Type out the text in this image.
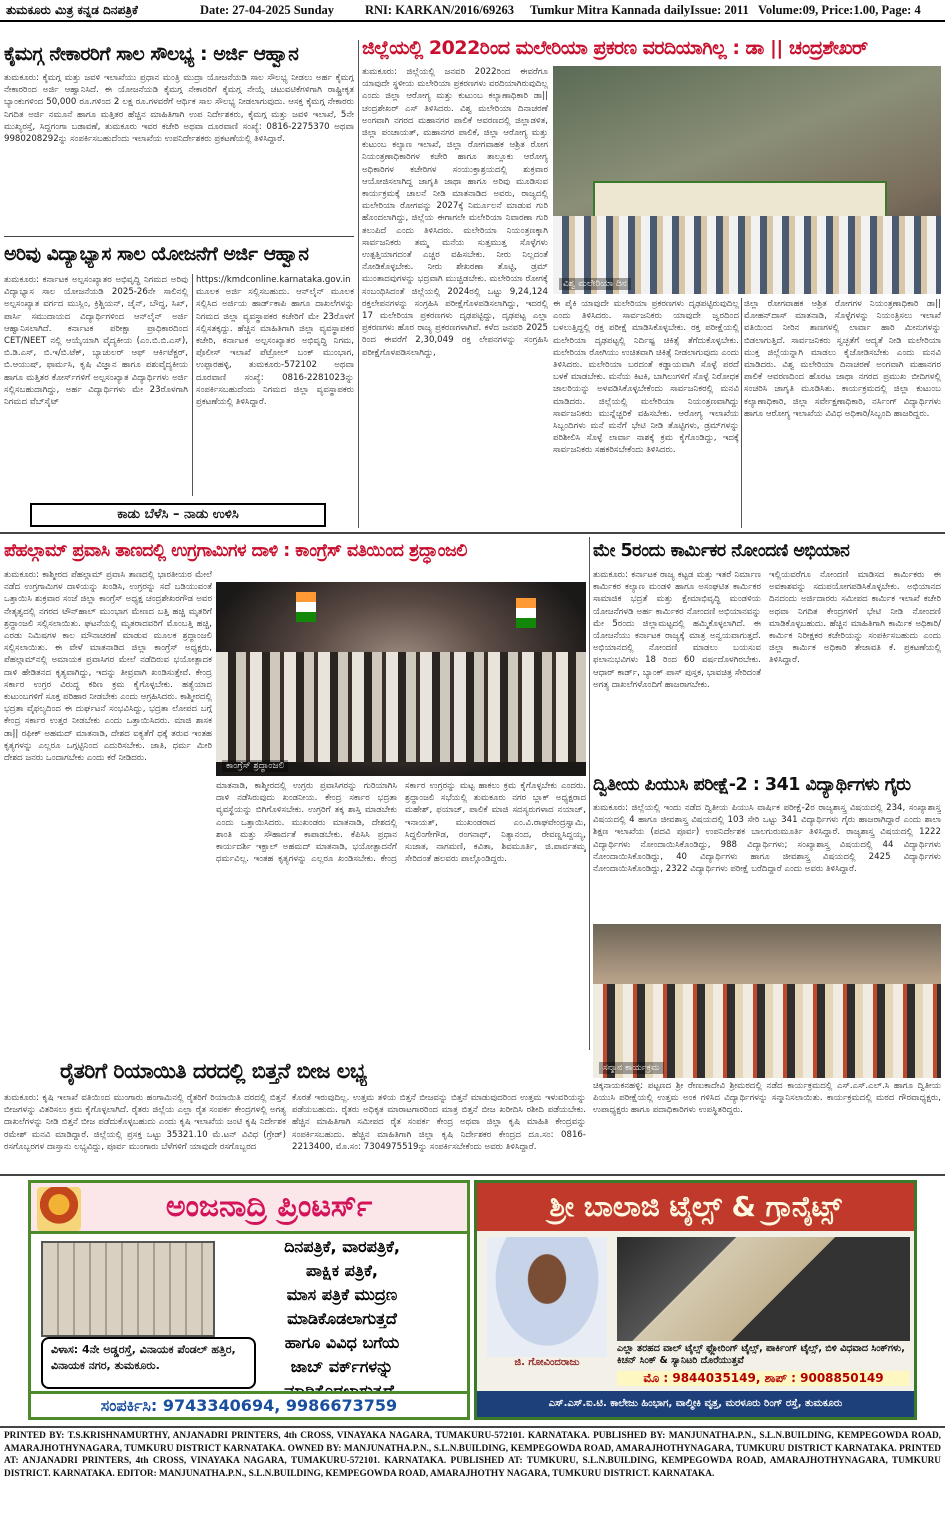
ತುಮಕೂರು ಮಿತ್ರ ಕನ್ನಡ ದಿನಪತ್ರಿಕೆ	Date: 27-04-2025 Sunday RNI: KARKAN/2016/69263 Tumkur Mitra Kannada daily Issue: 2011 Volume:09, Price:1.00, Page: 4
ಕೈಮಗ್ಗ ನೇಕಾರರಿಗೆ ಸಾಲ ಸೌಲಭ್ಯ : ಅರ್ಜಿ ಆಹ್ವಾನ
ತುಮಕೂರು: ಕೈಮಗ್ಗ ಮತ್ತು ಜವಳಿ ಇಲಾಖೆಯು ಪ್ರಧಾನ ಮಂತ್ರಿ ಮುದ್ರಾ ಯೋಜನೆಯಡಿ ಸಾಲ ಸೌಲಭ್ಯ ನೀಡಲು ಅರ್ಹ ಕೈಮಗ್ಗ ನೇಕಾರರಿಂದ ಅರ್ಜಿ ಆಹ್ವಾನಿಸಿದೆ. ಈ ಯೋಜನೆಯಡಿ ಕೈಮಗ್ಗ ನೇಕಾರರಿಗೆ ಕೈಮಗ್ಗ ನೇಯ್ಗೆ ಚಟುವಟಿಕೆಗಳಿಗಾಗಿ ರಾಷ್ಟ್ರೀಕೃತ ಬ್ಯಾಂಕುಗಳಿಂದ 50,000 ರೂ.ಗಳಿಂದ 2 ಲಕ್ಷ ರೂ.ಗಳವರೆಗೆ ಆರ್ಥಿಕ ಸಾಲ ಸೌಲಭ್ಯ ನೀಡಲಾಗುವುದು. ಆಸಕ್ತ ಕೈಮಗ್ಗ ನೇಕಾರರು ನಿಗದಿತ ಅರ್ಜಿ ನಮೂನೆ ಹಾಗೂ ಮತ್ತಿತರ ಹೆಚ್ಚಿನ ಮಾಹಿತಿಗಾಗಿ ಉಪ ನಿರ್ದೇಶಕರು, ಕೈಮಗ್ಗ ಮತ್ತು ಜವಳಿ ಇಲಾಖೆ, 5ನೇ ಮುಖ್ಯರಸ್ತೆ, ಸಿದ್ದಗಂಗಾ ಬಡಾವಣೆ, ತುಮಕೂರು ಇವರ ಕಚೇರಿ ಅಥವಾ ದೂರವಾಣಿ ಸಂಖ್ಯೆ: 0816-2275370 ಅಥವಾ 9980208292ನ್ನು ಸಂಪರ್ಕಿಸಬಹುದೆಂದು ಇಲಾಖೆಯ ಉಪನಿರ್ದೇಶಕರು ಪ್ರಕಟಣೆಯಲ್ಲಿ ತಿಳಿಸಿದ್ದಾರೆ.
ಅರಿವು ವಿದ್ಯಾಭ್ಯಾಸ ಸಾಲ ಯೋಜನೆಗೆ ಅರ್ಜಿ ಆಹ್ವಾನ
ತುಮಕೂರು: ಕರ್ನಾಟಕ ಅಲ್ಪಸಂಖ್ಯಾತರ ಅಭಿವೃದ್ಧಿ ನಿಗಮದ ಅರಿವು ವಿದ್ಯಾಭ್ಯಾಸ ಸಾಲ ಯೋಜನೆಯಡಿ 2025-26ನೇ ಸಾಲಿನಲ್ಲಿ ಅಲ್ಪಸಂಖ್ಯಾತ ವರ್ಗದ ಮುಸ್ಲಿಂ, ಕ್ರಿಶ್ಚಿಯನ್, ಜೈನ್, ಬೌದ್ಧ, ಸಿಖ್, ಪಾರ್ಸಿ ಸಮುದಾಯದ ವಿದ್ಯಾರ್ಥಿಗಳಿಂದ ಆನ್‌ಲೈನ್ ಅರ್ಜಿ ಆಹ್ವಾನಿಸಲಾಗಿದೆ. ಕರ್ನಾಟಕ ಪರೀಕ್ಷಾ ಪ್ರಾಧಿಕಾರದಿಂದ CET/NEET ನಲ್ಲಿ ಆಯ್ಕೆಯಾಗಿ ವೈದ್ಯಕೀಯ (ಎಂ.ಬಿ.ಬಿ.ಎಸ್), ಬಿ.ಡಿ.ಎಸ್, ಬಿ.ಇ/ಬಿ.ಟೆಕ್, ಬ್ಯಾಚುಲರ್ ಆಫ್ ಆರ್ಕಿಟೆಕ್ಚರ್, ಬಿ.ಆಯುಷ್, ಫಾರ್ಮಸಿ, ಕೃಷಿ ವಿಜ್ಞಾನ ಹಾಗೂ ಪಶುವೈದ್ಯಕೀಯ ಹಾಗೂ ಮತ್ತಿತರ ಕೋರ್ಸ್‌ಗಳಿಗೆ ಅಲ್ಪಸಂಖ್ಯಾತ ವಿದ್ಯಾರ್ಥಿಗಳು ಅರ್ಜಿ ಸಲ್ಲಿಸಬಹುದಾಗಿದ್ದು, ಅರ್ಹ ವಿದ್ಯಾರ್ಥಿಗಳು ಮೇ 23ರೊಳಗಾಗಿ ನಿಗಮದ ವೆಬ್‌ಸೈಟ್
https://kmdconline.karnataka.gov.in ಮೂಲಕ ಅರ್ಜಿ ಸಲ್ಲಿಸಬಹುದು. ಆನ್‌ಲೈನ್ ಮೂಲಕ ಸಲ್ಲಿಸಿದ ಅರ್ಜಿಯ ಹಾರ್ಡ್‌ಕಾಪಿ ಹಾಗೂ ದಾಖಲೆಗಳನ್ನು ನಿಗಮದ ಜಿಲ್ಲಾ ವ್ಯವಸ್ಥಾಪಕರ ಕಚೇರಿಗೆ ಮೇ 23ರೊಳಗೆ ಸಲ್ಲಿಸತಕ್ಕದ್ದು. ಹೆಚ್ಚಿನ ಮಾಹಿತಿಗಾಗಿ ಜಿಲ್ಲಾ ವ್ಯವಸ್ಥಾಪಕರ ಕಚೇರಿ, ಕರ್ನಾಟಕ ಅಲ್ಪಸಂಖ್ಯಾತರ ಅಭಿವೃದ್ಧಿ ನಿಗಮ, ಪೊಲೀಸ್ ಇಲಾಖೆ ಪೆಟ್ರೋಲ್ ಬಂಕ್ ಮುಂಭಾಗ, ಉಪ್ಪಾರಹಳ್ಳಿ, ತುಮಕೂರು-572102 ಅಥವಾ ದೂರವಾಣಿ ಸಂಖ್ಯೆ: 0816-2281023ನ್ನು ಸಂಪರ್ಕಿಸಬಹುದೆಂದು ನಿಗಮದ ಜಿಲ್ಲಾ ವ್ಯವಸ್ಥಾಪಕರು ಪ್ರಕಟಣೆಯಲ್ಲಿ ತಿಳಿಸಿದ್ದಾರೆ.
ಕಾಡು ಬೆಳೆಸಿ – ನಾಡು ಉಳಿಸಿ
ಜಿಲ್ಲೆಯಲ್ಲಿ 2022ರಿಂದ ಮಲೇರಿಯಾ ಪ್ರಕರಣ ವರದಿಯಾಗಿಲ್ಲ : ಡಾ || ಚಂದ್ರಶೇಖರ್
ತುಮಕೂರು: ಜಿಲ್ಲೆಯಲ್ಲಿ ಜನವರಿ 2022ರಿಂದ ಈವರೆಗೂ ಯಾವುದೇ ಸ್ಥಳೀಯ ಮಲೇರಿಯಾ ಪ್ರಕರಣಗಳು ವರದಿಯಾಗಿರುವುದಿಲ್ಲ ಎಂದು ಜಿಲ್ಲಾ ಆರೋಗ್ಯ ಮತ್ತು ಕುಟುಂಬ ಕಲ್ಯಾಣಾಧಿಕಾರಿ ಡಾ|| ಚಂದ್ರಶೇಖರ್ ಎಸ್ ತಿಳಿಸಿದರು. ವಿಶ್ವ ಮಲೇರಿಯಾ ದಿನಾಚರಣೆ ಅಂಗವಾಗಿ ನಗರದ ಮಹಾನಗರ ಪಾಲಿಕೆ ಆವರಣದಲ್ಲಿ ಜಿಲ್ಲಾಡಳಿತ, ಜಿಲ್ಲಾ ಪಂಚಾಯತ್, ಮಹಾನಗರ ಪಾಲಿಕೆ, ಜಿಲ್ಲಾ ಆರೋಗ್ಯ ಮತ್ತು ಕುಟುಂಬ ಕಲ್ಯಾಣ ಇಲಾಖೆ, ಜಿಲ್ಲಾ ರೋಗವಾಹಕ ಆಶ್ರಿತ ರೋಗ ನಿಯಂತ್ರಣಾಧಿಕಾರಿಗಳ ಕಚೇರಿ ಹಾಗೂ ತಾಲ್ಲೂಕು ಆರೋಗ್ಯ ಅಧಿಕಾರಿಗಳ ಕಚೇರಿಗಳ ಸಂಯುಕ್ತಾಶ್ರಯದಲ್ಲಿ ಶುಕ್ರವಾರ ಆಯೋಜಿಸಲಾಗಿದ್ದ ಜಾಗೃತಿ ಜಾಥಾ ಹಾಗೂ ಅರಿವು ಮೂಡಿಸುವ ಕಾರ್ಯಕ್ರಮಕ್ಕೆ ಚಾಲನೆ ನೀಡಿ ಮಾತನಾಡಿದ ಅವರು, ರಾಜ್ಯದಲ್ಲಿ ಮಲೇರಿಯಾ ರೋಗವನ್ನು 2027ಕ್ಕೆ ನಿರ್ಮೂಲನೆ ಮಾಡುವ ಗುರಿ ಹೊಂದಲಾಗಿದ್ದು, ಜಿಲ್ಲೆಯ ಈಗಾಗಲೇ ಮಲೇರಿಯಾ ನಿವಾರಣಾ ಗುರಿ ತಲುಪಿದೆ ಎಂದು ತಿಳಿಸಿದರು. ಮಲೇರಿಯಾ ನಿಯಂತ್ರಣಕ್ಕಾಗಿ ಸಾರ್ವಜನಿಕರು ತಮ್ಮ ಮನೆಯ ಸುತ್ತಮುತ್ತ ಸೊಳ್ಳೆಗಳು ಉತ್ಪತ್ತಿಯಾಗದಂತೆ ಎಚ್ಚರ ವಹಿಸಬೇಕು. ನೀರು ನಿಲ್ಲದಂತೆ ನೋಡಿಕೊಳ್ಳಬೇಕು. ನೀರು ಶೇಖರಣಾ ತೊಟ್ಟಿ, ಡ್ರಮ್ ಮುಂತಾದವುಗಳನ್ನು ಭದ್ರವಾಗಿ ಮುಚ್ಚಿಡಬೇಕು. ಮಲೇರಿಯಾ ರೋಗಕ್ಕೆ ಸಂಬಂಧಿಸಿದಂತೆ ಜಿಲ್ಲೆಯಲ್ಲಿ 2024ರಲ್ಲಿ ಒಟ್ಟು 9,24,124 ರಕ್ತಲೇಪನಗಳನ್ನು ಸಂಗ್ರಹಿಸಿ ಪರೀಕ್ಷೆಗೊಳಪಡಿಸಲಾಗಿದ್ದು, ಇದರಲ್ಲಿ 17 ಮಲೇರಿಯಾ ಪ್ರಕರಣಗಳು ದೃಢಪಟ್ಟಿದ್ದು, ದೃಢಪಟ್ಟ ಎಲ್ಲಾ ಪ್ರಕರಣಗಳು ಹೊರ ರಾಜ್ಯ ಪ್ರಕರಣಗಳಾಗಿವೆ. ಕಳೆದ ಜನವರಿ 2025 ರಿಂದ ಈವರೆಗೆ 2,30,049 ರಕ್ತ ಲೇಪನಗಳನ್ನು ಸಂಗ್ರಹಿಸಿ ಪರೀಕ್ಷೆಗೊಳಪಡಿಸಲಾಗಿದ್ದು,
ವಿಶ್ವ ಮಲೇರಿಯಾ ದಿನ
ಈ ಪೈಕಿ ಯಾವುದೇ ಮಲೇರಿಯಾ ಪ್ರಕರಣಗಳು ದೃಢಪಟ್ಟಿರುವುದಿಲ್ಲ ಎಂದು ತಿಳಿಸಿದರು. ಸಾರ್ವಜನಿಕರು ಯಾವುದೇ ಜ್ವರದಿಂದ ಬಳಲುತ್ತಿದ್ದಲ್ಲಿ ರಕ್ತ ಪರೀಕ್ಷೆ ಮಾಡಿಸಿಕೊಳ್ಳಬೇಕು. ರಕ್ತ ಪರೀಕ್ಷೆಯಲ್ಲಿ ಮಲೇರಿಯಾ ದೃಢಪಟ್ಟಲ್ಲಿ ನಿರ್ದಿಷ್ಟ ಚಿಕಿತ್ಸೆ ತೆಗೆದುಕೊಳ್ಳಬೇಕು. ಮಲೇರಿಯಾ ರೋಗಿಯು ಉಚಿತವಾಗಿ ಚಿಕಿತ್ಸೆ ನೀಡಲಾಗುವುದು ಎಂದು ತಿಳಿಸಿದರು. ಮಲೇರಿಯಾ ಬರದಂತೆ ಕಡ್ಡಾಯವಾಗಿ ಸೊಳ್ಳೆ ಪರದೆ ಬಳಕೆ ಮಾಡಬೇಕು. ಮನೆಯ ಕಿಟಕಿ, ಬಾಗಿಲುಗಳಿಗೆ ಸೊಳ್ಳೆ ನಿರೋಧಕ ಜಾಲರಿಯನ್ನು ಅಳವಡಿಸಿಕೊಳ್ಳಬೇಕೆಂದು ಸಾರ್ವಜನಿಕರಲ್ಲಿ ಮನವಿ ಮಾಡಿದರು. ಜಿಲ್ಲೆಯಲ್ಲಿ ಮಲೇರಿಯಾ ನಿಯಂತ್ರಣವಾಗಿದ್ದು ಸಾರ್ವಜನಿಕರು ಮುನ್ನೆಚ್ಚರಿಕೆ ವಹಿಸಬೇಕು. ಆರೋಗ್ಯ ಇಲಾಖೆಯ ಸಿಬ್ಬಂದಿಗಳು ಮನೆ ಮನೆಗೆ ಭೇಟಿ ನೀಡಿ ತೊಟ್ಟಿಗಳು, ಡ್ರಮ್‌ಗಳನ್ನು ಪರಿಶೀಲಿಸಿ ಸೊಳ್ಳೆ ಲಾರ್ವಾ ನಾಶಕ್ಕೆ ಕ್ರಮ ಕೈಗೊಂಡಿದ್ದು, ಇದಕ್ಕೆ ಸಾರ್ವಜನಿಕರು ಸಹಕರಿಸಬೇಕೆಂದು ತಿಳಿಸಿದರು.
ಜಿಲ್ಲಾ ರೋಗವಾಹಕ ಆಶ್ರಿತ ರೋಗಗಳ ನಿಯಂತ್ರಣಾಧಿಕಾರಿ ಡಾ|| ಮೋಹನ್‌ದಾಸ್ ಮಾತನಾಡಿ, ಸೊಳ್ಳೆಗಳನ್ನು ನಿಯಂತ್ರಿಸಲು ಇಲಾಖೆ ವತಿಯಿಂದ ನೀರಿನ ತಾಣಗಳಲ್ಲಿ ಲಾರ್ವಾ ಹಾರಿ ಮೀನುಗಳನ್ನು ಬಿಡಲಾಗುತ್ತಿದೆ. ಸಾರ್ವಜನಿಕರು ಸ್ವಚ್ಛತೆಗೆ ಆದ್ಯತೆ ನೀಡಿ ಮಲೇರಿಯಾ ಮುಕ್ತ ಜಿಲ್ಲೆಯನ್ನಾಗಿ ಮಾಡಲು ಕೈಜೋಡಿಸಬೇಕು ಎಂದು ಮನವಿ ಮಾಡಿದರು. ವಿಶ್ವ ಮಲೇರಿಯಾ ದಿನಾಚರಣೆ ಅಂಗವಾಗಿ ಮಹಾನಗರ ಪಾಲಿಕೆ ಆವರಣದಿಂದ ಹೊರಟ ಜಾಥಾ ನಗರದ ಪ್ರಮುಖ ಬೀದಿಗಳಲ್ಲಿ ಸಂಚರಿಸಿ ಜಾಗೃತಿ ಮೂಡಿಸಿತು. ಕಾರ್ಯಕ್ರಮದಲ್ಲಿ ಜಿಲ್ಲಾ ಕುಟುಂಬ ಕಲ್ಯಾಣಾಧಿಕಾರಿ, ಜಿಲ್ಲಾ ಸರ್ವೇಕ್ಷಣಾಧಿಕಾರಿ, ನರ್ಸಿಂಗ್ ವಿದ್ಯಾರ್ಥಿಗಳು ಹಾಗೂ ಆರೋಗ್ಯ ಇಲಾಖೆಯ ವಿವಿಧ ಅಧಿಕಾರಿ/ಸಿಬ್ಬಂದಿ ಹಾಜರಿದ್ದರು.
ಪೆಹಲ್ಗಾಮ್ ಪ್ರವಾಸಿ ತಾಣದಲ್ಲಿ ಉಗ್ರಗಾಮಿಗಳ ದಾಳಿ : ಕಾಂಗ್ರೆಸ್ ವತಿಯಿಂದ ಶ್ರದ್ಧಾಂಜಲಿ
ತುಮಕೂರು: ಕಾಶ್ಮೀರದ ಪೆಹಲ್ಗಾಮ್ ಪ್ರವಾಸಿ ತಾಣದಲ್ಲಿ ಭಾರತೀಯರ ಮೇಲೆ ನಡೆದ ಉಗ್ರಗಾಮಿಗಳ ದಾಳಿಯನ್ನು ಖಂಡಿಸಿ, ಉಗ್ರರನ್ನು ಸದೆ ಬಡಿಯುವಂತೆ ಒತ್ತಾಯಿಸಿ ಶುಕ್ರವಾರ ಸಂಜೆ ಜಿಲ್ಲಾ ಕಾಂಗ್ರೆಸ್ ಅಧ್ಯಕ್ಷ ಚಂದ್ರಶೇಖರಗೌಡ ಅವರ ನೇತೃತ್ವದಲ್ಲಿ ನಗರದ ಟೌನ್‌ಹಾಲ್ ಮುಂಭಾಗ ಮೇಣದ ಬತ್ತಿ ಹಚ್ಚಿ ಮೃತರಿಗೆ ಶ್ರದ್ಧಾಂಜಲಿ ಸಲ್ಲಿಸಲಾಯಿತು. ಘಟನೆಯಲ್ಲಿ ಮೃತರಾದವರಿಗೆ ಮೊಂಬತ್ತಿ ಹಚ್ಚಿ, ಎರಡು ನಿಮಿಷಗಳ ಕಾಲ ಮೌನಾಚರಣೆ ಮಾಡುವ ಮೂಲಕ ಶ್ರದ್ಧಾಂಜಲಿ ಸಲ್ಲಿಸಲಾಯಿತು. ಈ ವೇಳೆ ಮಾತನಾಡಿದ ಜಿಲ್ಲಾ ಕಾಂಗ್ರೆಸ್ ಅಧ್ಯಕ್ಷರು, ಪೆಹಲ್ಗಾಮ್‌ನಲ್ಲಿ ಅಮಾಯಕ ಪ್ರವಾಸಿಗರ ಮೇಲೆ ನಡೆದಿರುವ ಭಯೋತ್ಪಾದಕ ದಾಳಿ ಹೇಡಿತನದ ಕೃತ್ಯವಾಗಿದ್ದು, ಇದನ್ನು ತೀವ್ರವಾಗಿ ಖಂಡಿಸುತ್ತೇವೆ. ಕೇಂದ್ರ ಸರ್ಕಾರ ಉಗ್ರರ ವಿರುದ್ಧ ಕಠಿಣ ಕ್ರಮ ಕೈಗೊಳ್ಳಬೇಕು. ಹತ್ಯೆಯಾದ ಕುಟುಂಬಗಳಿಗೆ ಸೂಕ್ತ ಪರಿಹಾರ ನೀಡಬೇಕು ಎಂದು ಆಗ್ರಹಿಸಿದರು. ಕಾಶ್ಮೀರದಲ್ಲಿ ಭದ್ರತಾ ವೈಫಲ್ಯದಿಂದ ಈ ದುರ್ಘಟನೆ ಸಂಭವಿಸಿದ್ದು, ಭದ್ರತಾ ಲೋಪದ ಬಗ್ಗೆ ಕೇಂದ್ರ ಸರ್ಕಾರ ಉತ್ತರ ನೀಡಬೇಕು ಎಂದು ಒತ್ತಾಯಿಸಿದರು. ಮಾಜಿ ಶಾಸಕ ಡಾ|| ರಫೀಕ್ ಅಹಮದ್ ಮಾತನಾಡಿ, ದೇಶದ ಐಕ್ಯತೆಗೆ ಧಕ್ಕೆ ತರುವ ಇಂತಹ ಕೃತ್ಯಗಳನ್ನು ಎಲ್ಲರೂ ಒಗ್ಗಟ್ಟಿನಿಂದ ಎದುರಿಸಬೇಕು. ಜಾತಿ, ಧರ್ಮ ಮೀರಿ ದೇಶದ ಜನರು ಒಂದಾಗಬೇಕು ಎಂದು ಕರೆ ನೀಡಿದರು.
ಕಾಂಗ್ರೆಸ್ ಶ್ರದ್ಧಾಂಜಲಿ
ಮಾತನಾಡಿ, ಕಾಶ್ಮೀರದಲ್ಲಿ ಉಗ್ರರು ಪ್ರವಾಸಿಗರನ್ನು ಗುರಿಯಾಗಿಸಿ ದಾಳಿ ನಡೆಸಿರುವುದು ಖಂಡನೀಯ. ಕೇಂದ್ರ ಸರ್ಕಾರ ಭದ್ರತಾ ವ್ಯವಸ್ಥೆಯನ್ನು ಬಿಗಿಗೊಳಿಸಬೇಕು. ಉಗ್ರರಿಗೆ ತಕ್ಕ ಶಾಸ್ತಿ ಮಾಡಬೇಕು ಎಂದು ಒತ್ತಾಯಿಸಿದರು. ಮುಖಂಡರು ಮಾತನಾಡಿ, ದೇಶದಲ್ಲಿ ಶಾಂತಿ ಮತ್ತು ಸೌಹಾರ್ದತೆ ಕಾಪಾಡಬೇಕು. ಕೆಪಿಸಿಸಿ ಪ್ರಧಾನ ಕಾರ್ಯದರ್ಶಿ ಇಕ್ಬಾಲ್ ಅಹಮದ್ ಮಾತನಾಡಿ, ಭಯೋತ್ಪಾದನೆಗೆ ಧರ್ಮವಿಲ್ಲ. ಇಂತಹ ಕೃತ್ಯಗಳನ್ನು ಎಲ್ಲರೂ ಖಂಡಿಸಬೇಕು. ಕೇಂದ್ರ ಸರ್ಕಾರ ಉಗ್ರರನ್ನು ಮಟ್ಟ ಹಾಕಲು ಕ್ರಮ ಕೈಗೊಳ್ಳಬೇಕು ಎಂದರು. ಶ್ರದ್ಧಾಂಜಲಿ ಸಭೆಯಲ್ಲಿ ತುಮಕೂರು ನಗರ ಬ್ಲಾಕ್ ಅಧ್ಯಕ್ಷರಾದ ಮಹೇಶ್, ಫಯಾಜ್, ಪಾಲಿಕೆ ಮಾಜಿ ಸದಸ್ಯರುಗಳಾದ ನಯಾಜ್, ಇನಾಯತ್, ಮುಖಂಡರಾದ ಎಂ.ವಿ.ರಾಘವೇಂದ್ರಸ್ವಾಮಿ, ಸಿದ್ದಲಿಂಗೇಗೌಡ, ರಂಗನಾಥ್, ನಿತ್ಯಾನಂದ, ರೇವಣ್ಣಸಿದ್ದಯ್ಯ, ಸುಜಾತ, ನಾಗಮಣಿ, ಕವಿತಾ, ಶಿವಮೂರ್ತಿ, ಜಿ.ಪಾರ್ವತಮ್ಮ ಸೇರಿದಂತೆ ಹಲವರು ಪಾಲ್ಗೊಂಡಿದ್ದರು.
ಮೇ 5ರಂದು ಕಾರ್ಮಿಕರ ನೋಂದಣಿ ಅಭಿಯಾನ
ತುಮಕೂರು: ಕರ್ನಾಟಕ ರಾಜ್ಯ ಕಟ್ಟಡ ಮತ್ತು ಇತರೆ ನಿರ್ಮಾಣ ಕಾರ್ಮಿಕರ ಕಲ್ಯಾಣ ಮಂಡಳಿ ಹಾಗೂ ಅಸಂಘಟಿತ ಕಾರ್ಮಿಕರ ಸಾಮಾಜಿಕ ಭದ್ರತೆ ಮತ್ತು ಕ್ಷೇಮಾಭಿವೃದ್ಧಿ ಮಂಡಳಿಯ ಯೋಜನೆಗಳಡಿ ಅರ್ಹ ಕಾರ್ಮಿಕರ ನೋಂದಣಿ ಅಭಿಯಾನವನ್ನು ಮೇ 5ರಂದು ಜಿಲ್ಲಾಮಟ್ಟದಲ್ಲಿ ಹಮ್ಮಿಕೊಳ್ಳಲಾಗಿದೆ. ಈ ಯೋಜನೆಯು ಕರ್ನಾಟಕ ರಾಜ್ಯಕ್ಕೆ ಮಾತ್ರ ಅನ್ವಯವಾಗುತ್ತದೆ. ಅಭಿಯಾನದಲ್ಲಿ ನೋಂದಣಿ ಮಾಡಲು ಬಯಸುವ ಫಲಾನುಭವಿಗಳು 18 ರಿಂದ 60 ವರ್ಷದೊಳಗಿರಬೇಕು. ಆಧಾರ್ ಕಾರ್ಡ್, ಬ್ಯಾಂಕ್ ಪಾಸ್ ಪುಸ್ತಕ, ಭಾವಚಿತ್ರ ಸೇರಿದಂತೆ ಅಗತ್ಯ ದಾಖಲೆಗಳೊಂದಿಗೆ ಹಾಜರಾಗಬೇಕು.
ಇಲ್ಲಿಯವರೆಗೂ ನೋಂದಣಿ ಮಾಡಿಸದ ಕಾರ್ಮಿಕರು ಈ ಅವಕಾಶವನ್ನು ಸದುಪಯೋಗಪಡಿಸಿಕೊಳ್ಳಬೇಕು. ಅಭಿಯಾನದ ದಿನದಂದು ಅರ್ಜಿದಾರರು ಸಮೀಪದ ಕಾರ್ಮಿಕ ಇಲಾಖೆ ಕಚೇರಿ ಅಥವಾ ನಿಗದಿತ ಕೇಂದ್ರಗಳಿಗೆ ಭೇಟಿ ನೀಡಿ ನೋಂದಣಿ ಮಾಡಿಕೊಳ್ಳಬಹುದು. ಹೆಚ್ಚಿನ ಮಾಹಿತಿಗಾಗಿ ಕಾರ್ಮಿಕ ಅಧಿಕಾರಿ/ಕಾರ್ಮಿಕ ನಿರೀಕ್ಷಕರ ಕಚೇರಿಯನ್ನು ಸಂಪರ್ಕಿಸಬಹುದು ಎಂದು ಜಿಲ್ಲಾ ಕಾರ್ಮಿಕ ಅಧಿಕಾರಿ ತೇಜಾವತಿ ಕೆ. ಪ್ರಕಟಣೆಯಲ್ಲಿ ತಿಳಿಸಿದ್ದಾರೆ.
ದ್ವಿತೀಯ ಪಿಯುಸಿ ಪರೀಕ್ಷೆ-2 : 341 ವಿದ್ಯಾರ್ಥಿಗಳು ಗೈರು
ತುಮಕೂರು: ಜಿಲ್ಲೆಯಲ್ಲಿ ಇಂದು ನಡೆದ ದ್ವಿತೀಯ ಪಿಯುಸಿ ವಾರ್ಷಿಕ ಪರೀಕ್ಷೆ-2ರ ರಾಜ್ಯಶಾಸ್ತ್ರ ವಿಷಯದಲ್ಲಿ 234, ಸಂಖ್ಯಾಶಾಸ್ತ್ರ ವಿಷಯದಲ್ಲಿ 4 ಹಾಗೂ ಜೀವಶಾಸ್ತ್ರ ವಿಷಯದಲ್ಲಿ 103 ಸೇರಿ ಒಟ್ಟು 341 ವಿದ್ಯಾರ್ಥಿಗಳು ಗೈರು ಹಾಜರಾಗಿದ್ದಾರೆ ಎಂದು ಶಾಲಾ ಶಿಕ್ಷಣ ಇಲಾಖೆಯ (ಪದವಿ ಪೂರ್ವ) ಉಪನಿರ್ದೇಶಕ ಬಾಲಗುರುಮೂರ್ತಿ ತಿಳಿಸಿದ್ದಾರೆ. ರಾಜ್ಯಶಾಸ್ತ್ರ ವಿಷಯದಲ್ಲಿ 1222 ವಿದ್ಯಾರ್ಥಿಗಳು ನೋಂದಾಯಿಸಿಕೊಂಡಿದ್ದು, 988 ವಿದ್ಯಾರ್ಥಿಗಳು; ಸಂಖ್ಯಾಶಾಸ್ತ್ರ ವಿಷಯದಲ್ಲಿ 44 ವಿದ್ಯಾರ್ಥಿಗಳು ನೋಂದಾಯಿಸಿಕೊಂಡಿದ್ದು, 40 ವಿದ್ಯಾರ್ಥಿಗಳು ಹಾಗೂ ಜೀವಶಾಸ್ತ್ರ ವಿಷಯದಲ್ಲಿ 2425 ವಿದ್ಯಾರ್ಥಿಗಳು ನೋಂದಾಯಿಸಿಕೊಂಡಿದ್ದು, 2322 ವಿದ್ಯಾರ್ಥಿಗಳು ಪರೀಕ್ಷೆ ಬರೆದಿದ್ದಾರೆ ಎಂದು ಅವರು ತಿಳಿಸಿದ್ದಾರೆ.
ಸನ್ಮಾನ ಕಾರ್ಯಕ್ರಮ
ಚಿಕ್ಕನಾಯಕನಹಳ್ಳಿ: ಪಟ್ಟಣದ ಶ್ರೀ ರೇಣುಕಾದೇವಿ ಶ್ರೀಮಠದಲ್ಲಿ ನಡೆದ ಕಾರ್ಯಕ್ರಮದಲ್ಲಿ ಎಸ್.ಎಸ್.ಎಲ್.ಸಿ ಹಾಗೂ ದ್ವಿತೀಯ ಪಿಯುಸಿ ಪರೀಕ್ಷೆಯಲ್ಲಿ ಉತ್ತಮ ಅಂಕ ಗಳಿಸಿದ ವಿದ್ಯಾರ್ಥಿಗಳನ್ನು ಸನ್ಮಾನಿಸಲಾಯಿತು. ಕಾರ್ಯಕ್ರಮದಲ್ಲಿ ಮಠದ ಗೌರವಾಧ್ಯಕ್ಷರು, ಉಪಾಧ್ಯಕ್ಷರು ಹಾಗೂ ಪದಾಧಿಕಾರಿಗಳು ಉಪಸ್ಥಿತರಿದ್ದರು.
ರೈತರಿಗೆ ರಿಯಾಯಿತಿ ದರದಲ್ಲಿ ಬಿತ್ತನೆ ಬೀಜ ಲಭ್ಯ
ತುಮಕೂರು: ಕೃಷಿ ಇಲಾಖೆ ವತಿಯಿಂದ ಮುಂಗಾರು ಹಂಗಾಮಿನಲ್ಲಿ ರೈತರಿಗೆ ರಿಯಾಯಿತಿ ದರದಲ್ಲಿ ಬಿತ್ತನೆ ಬೀಜಗಳನ್ನು ವಿತರಿಸಲು ಕ್ರಮ ಕೈಗೊಳ್ಳಲಾಗಿದೆ. ರೈತರು ಜಿಲ್ಲೆಯ ಎಲ್ಲಾ ರೈತ ಸಂಪರ್ಕ ಕೇಂದ್ರಗಳಲ್ಲಿ ಅಗತ್ಯ ದಾಖಲೆಗಳನ್ನು ನೀಡಿ ಬಿತ್ತನೆ ಬೀಜ ಪಡೆದುಕೊಳ್ಳಬಹುದು ಎಂದು ಕೃಷಿ ಇಲಾಖೆಯ ಜಂಟಿ ಕೃಷಿ ನಿರ್ದೇಶಕ ರಮೇಶ್ ಮನವಿ ಮಾಡಿದ್ದಾರೆ. ಜಿಲ್ಲೆಯಲ್ಲಿ ಪ್ರಸಕ್ತ ಒಟ್ಟು 35321.10 ಮೆ.ಟನ್ ವಿವಿಧ (ಗ್ರೇಡ್) ರಸಗೊಬ್ಬರಗಳ ದಾಸ್ತಾನು ಲಭ್ಯವಿದ್ದು, ಪೂರ್ವ ಮುಂಗಾರು ಬೆಳೆಗಳಿಗೆ ಯಾವುದೇ ರಸಗೊಬ್ಬರದ
ಕೊರತೆ ಇರುವುದಿಲ್ಲ. ಉತ್ತಮ ತಳಿಯ ಬಿತ್ತನೆ ಬೀಜವನ್ನು ಬಿತ್ತನೆ ಮಾಡುವುದರಿಂದ ಉತ್ತಮ ಇಳುವರಿಯನ್ನು ಪಡೆಯಬಹುದು. ರೈತರು ಅಧಿಕೃತ ಮಾರಾಟಗಾರರಿಂದ ಮಾತ್ರ ಬಿತ್ತನೆ ಬೀಜ ಖರೀದಿಸಿ ರಶೀದಿ ಪಡೆಯಬೇಕು. ಹೆಚ್ಚಿನ ಮಾಹಿತಿಗಾಗಿ ಸಮೀಪದ ರೈತ ಸಂಪರ್ಕ ಕೇಂದ್ರ ಅಥವಾ ಜಿಲ್ಲಾ ಕೃಷಿ ಮಾಹಿತಿ ಕೇಂದ್ರವನ್ನು ಸಂಪರ್ಕಿಸಬಹುದು. ಹೆಚ್ಚಿನ ಮಾಹಿತಿಗಾಗಿ ಜಿಲ್ಲಾ ಕೃಷಿ ನಿರ್ದೇಶಕರ ಕೇಂದ್ರದ ದೂ.ಸಂ: 0816-2213400, ಮೊ.ಸಂ: 7304975519ನ್ನು ಸಂಪರ್ಕಿಸಬೇಕೆಂದು ಅವರು ತಿಳಿಸಿದ್ದಾರೆ.
ಅಂಜನಾದ್ರಿ ಪ್ರಿಂಟರ್ಸ್
ದಿನಪತ್ರಿಕೆ, ವಾರಪತ್ರಿಕೆ,
ಪಾಕ್ಷಿಕ ಪತ್ರಿಕೆ,
ಮಾಸ ಪತ್ರಿಕೆ ಮುದ್ರಣ
ಮಾಡಿಕೊಡಲಾಗುತ್ತದೆ
ಹಾಗೂ ವಿವಿಧ ಬಗೆಯ
ಜಾಬ್ ವರ್ಕ್‌ಗಳನ್ನು
ವಿಳಾಸ: 4ನೇ ಅಡ್ಡರಸ್ತೆ, ವಿನಾಯಕ ಪೆಂಡಲ್ ಹತ್ತಿರ, ವಿನಾಯಕ ನಗರ, ತುಮಕೂರು.
ಸಂಪರ್ಕಿಸಿ: 9743340694, 9986673759
ಶ್ರೀ ಬಾಲಾಜಿ ಟೈಲ್ಸ್ & ಗ್ರಾನೈಟ್ಸ್
ಜಿ. ಗೋವಿಂದರಾಜು
ಎಲ್ಲಾ ತರಹದ ವಾಲ್ ಟೈಲ್ಸ್ ಫ್ಲೋರಿಂಗ್ ಟೈಲ್ಸ್, ಪಾರ್ಕಿಂಗ್ ಟೈಲ್ಸ್, ಬಿಳಿ ವಿಧವಾದ ಸಿಂಕ್‌ಗಳು, ಕಿಚನ್ ಸಿಂಕ್ & ಸ್ಯಾನಿಟರಿ ದೊರೆಯುತ್ತವೆ
ಮೊ : 9844035149, ಶಾಪ್ : 9008850149
ಎಸ್.ಎಸ್.ಐ.ಟಿ. ಕಾಲೇಜು ಹಿಂಭಾಗ, ವಾಲ್ಮೀಕಿ ವೃತ್ತ, ಮರಳೂರು ರಿಂಗ್ ರಸ್ತೆ, ತುಮಕೂರು
PRINTED BY: T.S.KRISHNAMURTHY, ANJANADRI PRINTERS, 4th CROSS, VINAYAKA NAGARA, TUMAKURU-572101. KARNATAKA. PUBLISHED BY: MANJUNATHA.P.N., S.L.N.BUILDING, KEMPEGOWDA ROAD, AMARAJHOTHYNAGARA, TUMKURU DISTRICT KARNATAKA. OWNED BY: MANJUNATHA.P.N., S.L.N.BUILDING, KEMPEGOWDA ROAD, AMARAJHOTHYNAGARA, TUMKURU DISTRICT KARNATAKA. PRINTED AT: ANJANADRI PRINTERS, 4th CROSS, VINAYAKA NAGARA, TUMAKURU-572101. KARNATAKA. PUBLISHED AT: TUMKURU, S.L.N.BUILDING, KEMPEGOWDA ROAD, AMARAJHOTHYNAGARA, TUMKURU DISTRICT. KARNATAKA. EDITOR: MANJUNATHA.P.N., S.L.N.BUILDING, KEMPEGOWDA ROAD, AMARAJHOTHY NAGARA, TUMKURU DISTRICT. KARNATAKA.
